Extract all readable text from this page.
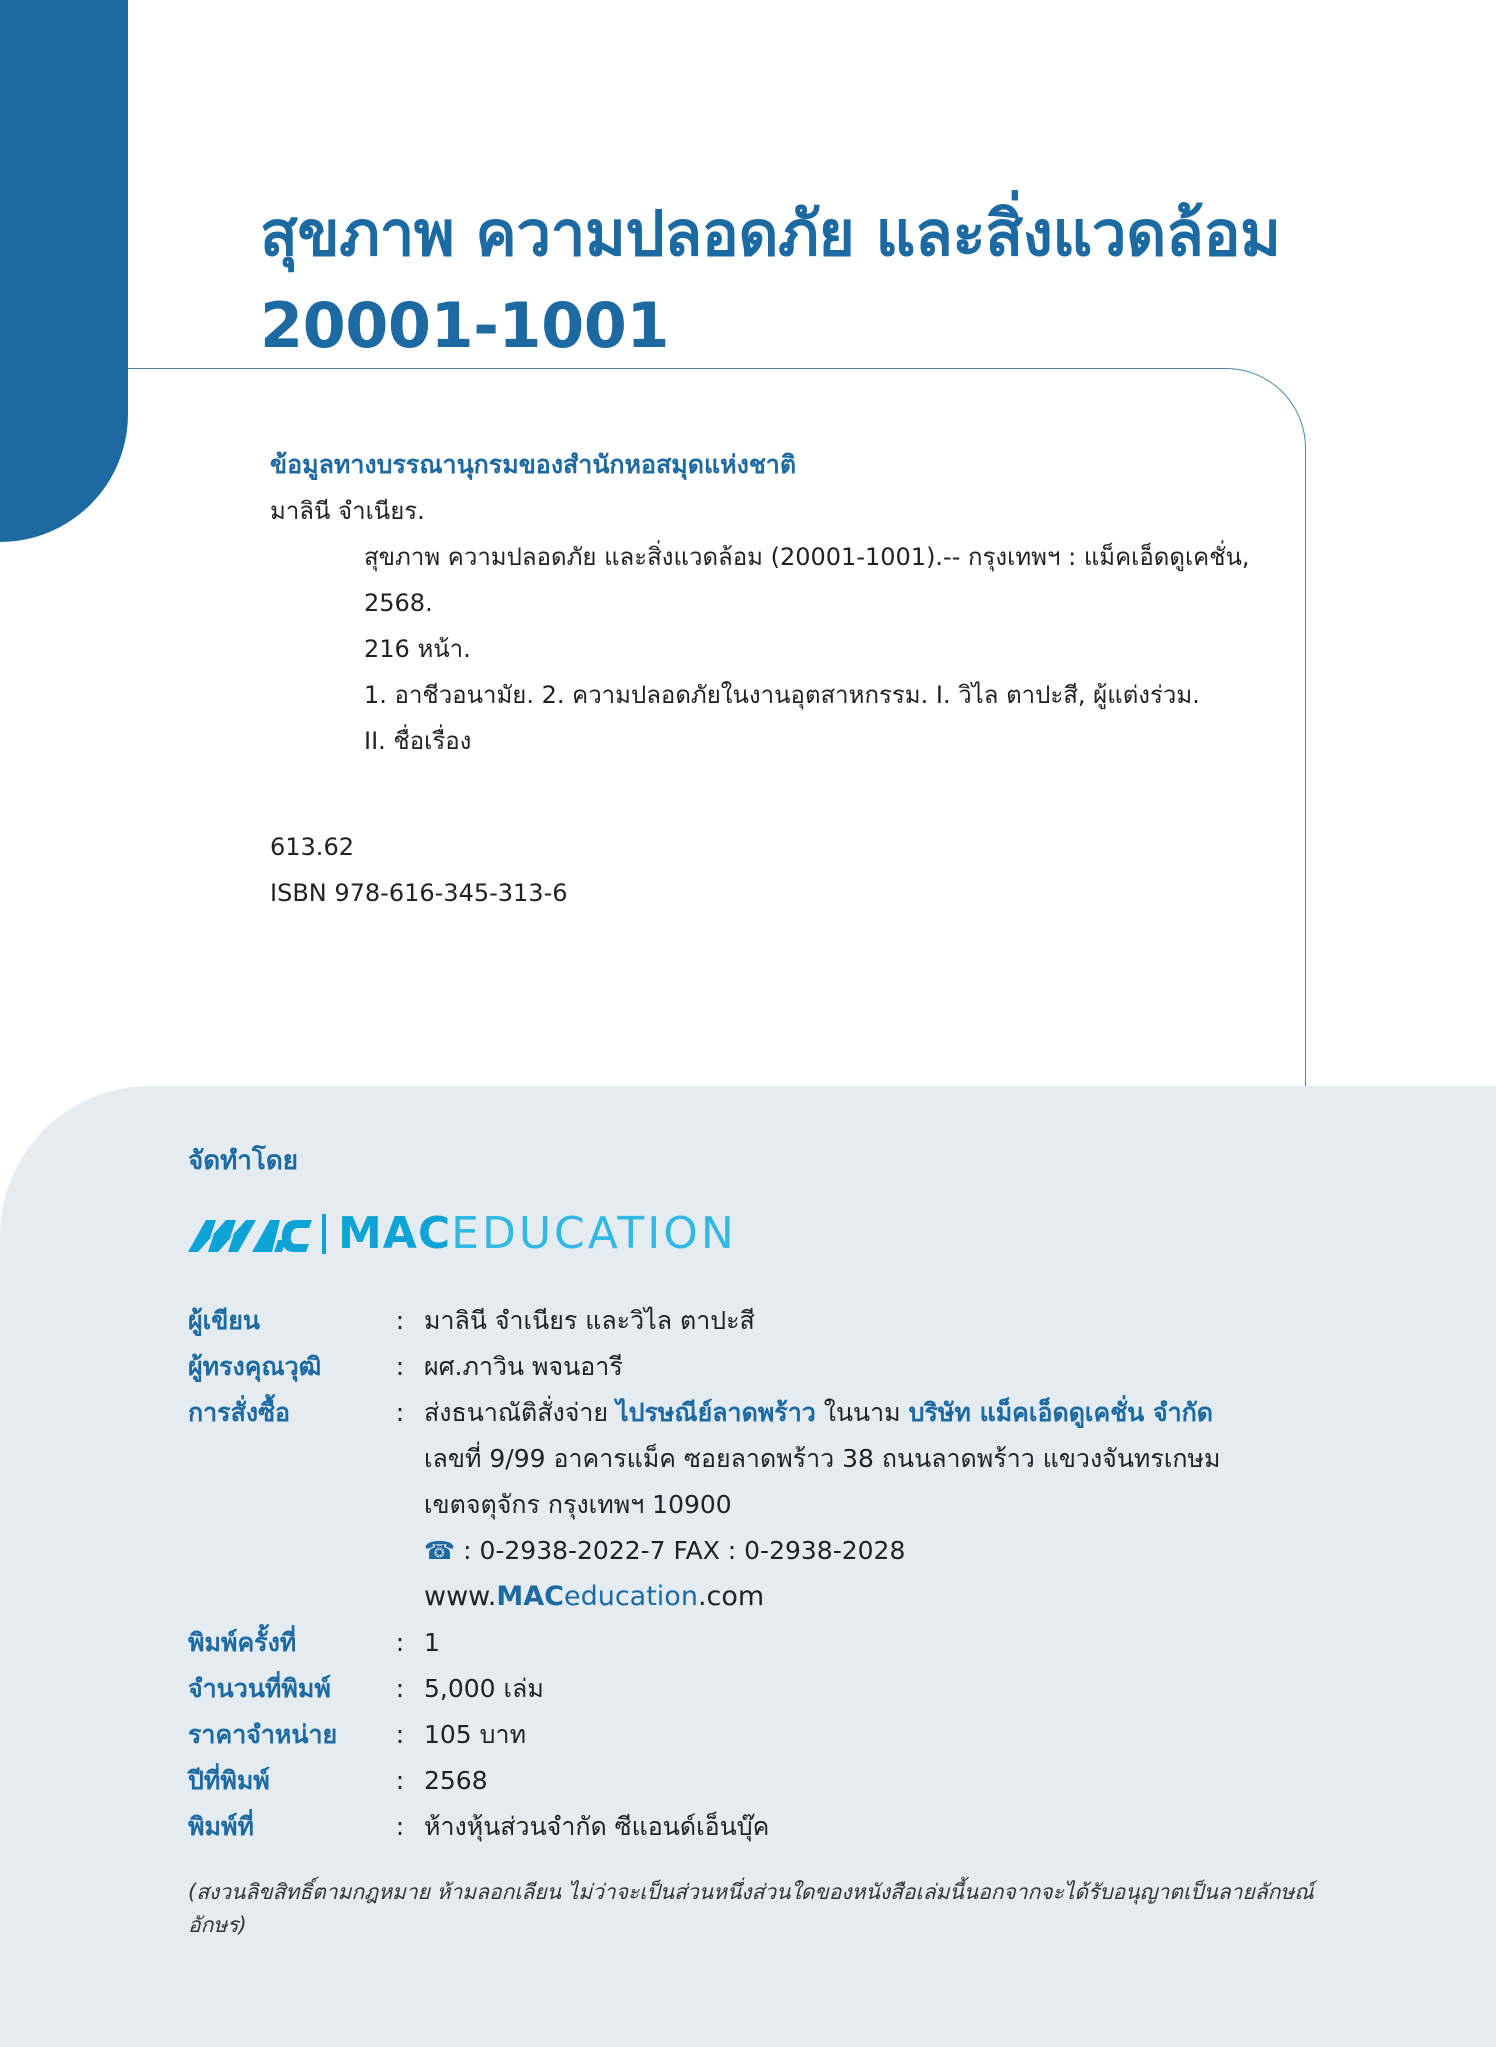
สุขภาพ ความปลอดภัย และสิ่งแวดล้อม
20001-1001
ข้อมูลทางบรรณานุกรมของสำนักหอสมุดแห่งชาติ
มาลินี จำเนียร.
สุขภาพ ความปลอดภัย และสิ่งแวดล้อม (20001-1001).-- กรุงเทพฯ : แม็คเอ็ดดูเคชั่น,
2568.
216 หน้า.
1. อาชีวอนามัย. 2. ความปลอดภัยในงานอุตสาหกรรม. I. วิไล ตาปะสี, ผู้แต่งร่วม.
II. ชื่อเรื่อง
613.62
ISBN 978-616-345-313-6
จัดทำโดย
MACEDUCATION
ผู้เขียน	: มาลินี จำเนียร และวิไล ตาปะสี
ผู้ทรงคุณวุฒิ	: ผศ.ภาวิน พจนอารี
การสั่งซื้อ	: ส่งธนาณัติสั่งจ่าย ไปรษณีย์ลาดพร้าว ในนาม บริษัท แม็คเอ็ดดูเคชั่น จำกัด
เลขที่ 9/99 อาคารแม็ค ซอยลาดพร้าว 38 ถนนลาดพร้าว แขวงจันทรเกษม
เขตจตุจักร กรุงเทพฯ 10900
☎ : 0-2938-2022-7 FAX : 0-2938-2028
www.MACeducation.com
พิมพ์ครั้งที่	: 1
จำนวนที่พิมพ์	: 5,000 เล่ม
ราคาจำหน่าย	: 105 บาท
ปีที่พิมพ์	: 2568
พิมพ์ที่	: ห้างหุ้นส่วนจำกัด ซีแอนด์เอ็นบุ๊ค
(สงวนลิขสิทธิ์ตามกฎหมาย ห้ามลอกเลียน ไม่ว่าจะเป็นส่วนหนึ่งส่วนใดของหนังสือเล่มนี้นอกจากจะได้รับอนุญาตเป็นลายลักษณ์อักษร)
